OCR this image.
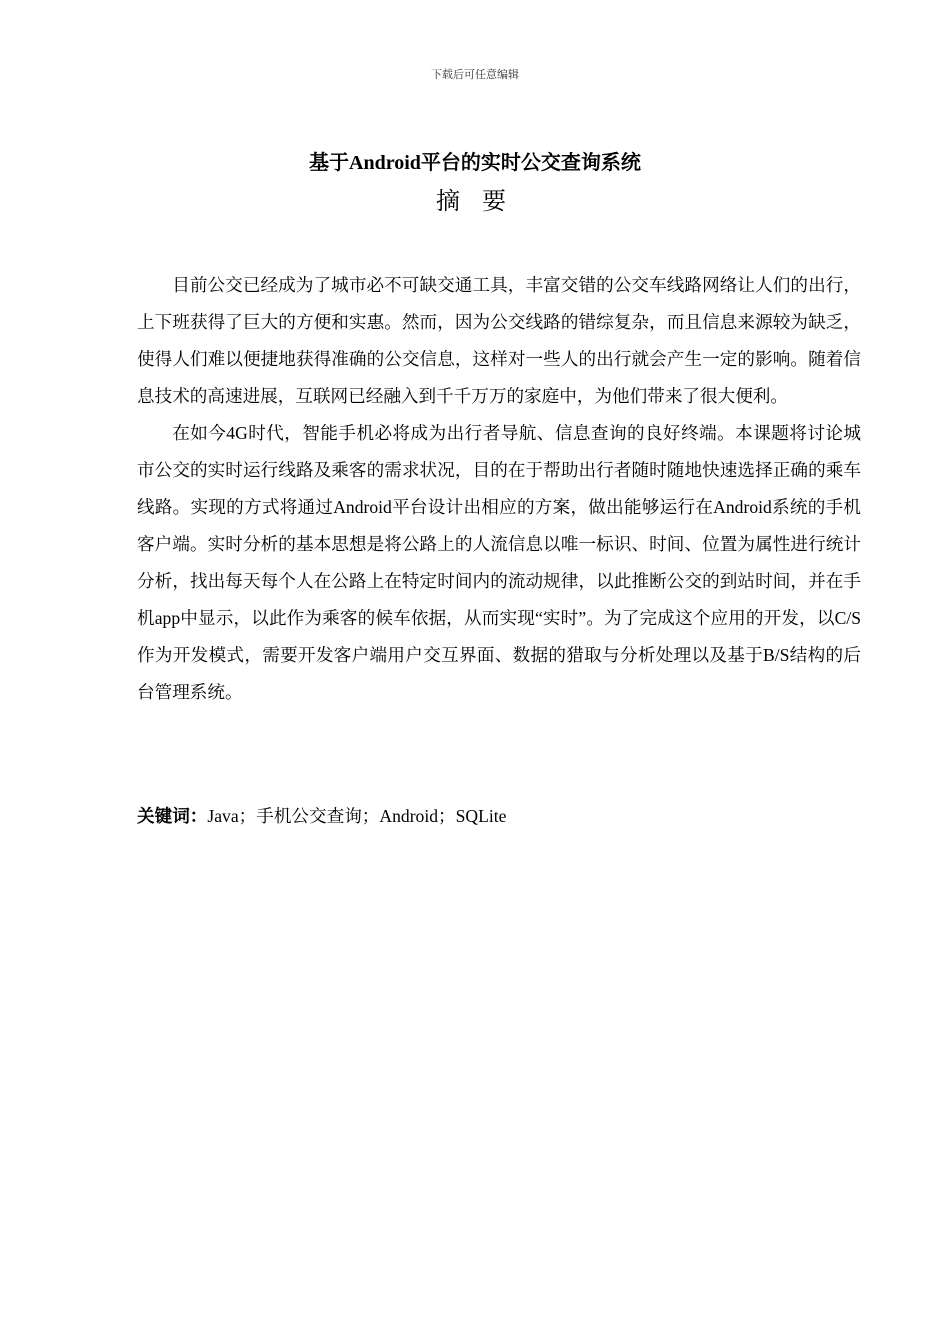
下载后可任意编辑
基于Android平台的实时公交查询系统
摘 要

目前公交已经成为了城市必不可缺交通工具，丰富交错的公交车线路网络让人们的出行，上下班获得了巨大的方便和实惠。然而，因为公交线路的错综复杂，而且信息来源较为缺乏，使得人们难以便捷地获得准确的公交信息，这样对一些人的出行就会产生一定的影响。随着信息技术的高速进展，互联网已经融入到千千万万的家庭中，为他们带来了很大便利。

在如今4G时代，智能手机必将成为出行者导航、信息查询的良好终端。本课题将讨论城市公交的实时运行线路及乘客的需求状况，目的在于帮助出行者随时随地快速选择正确的乘车线路。实现的方式将通过Android平台设计出相应的方案，做出能够运行在Android系统的手机客户端。实时分析的基本思想是将公路上的人流信息以唯一标识、时间、位置为属性进行统计分析，找出每天每个人在公路上在特定时间内的流动规律，以此推断公交的到站时间，并在手机app中显示，以此作为乘客的候车依据，从而实现“实时”。为了完成这个应用的开发，以C/S作为开发模式，需要开发客户端用户交互界面、数据的猎取与分析处理以及基于B/S结构的后台管理系统。

关键词：Java；手机公交查询；Android；SQLite
